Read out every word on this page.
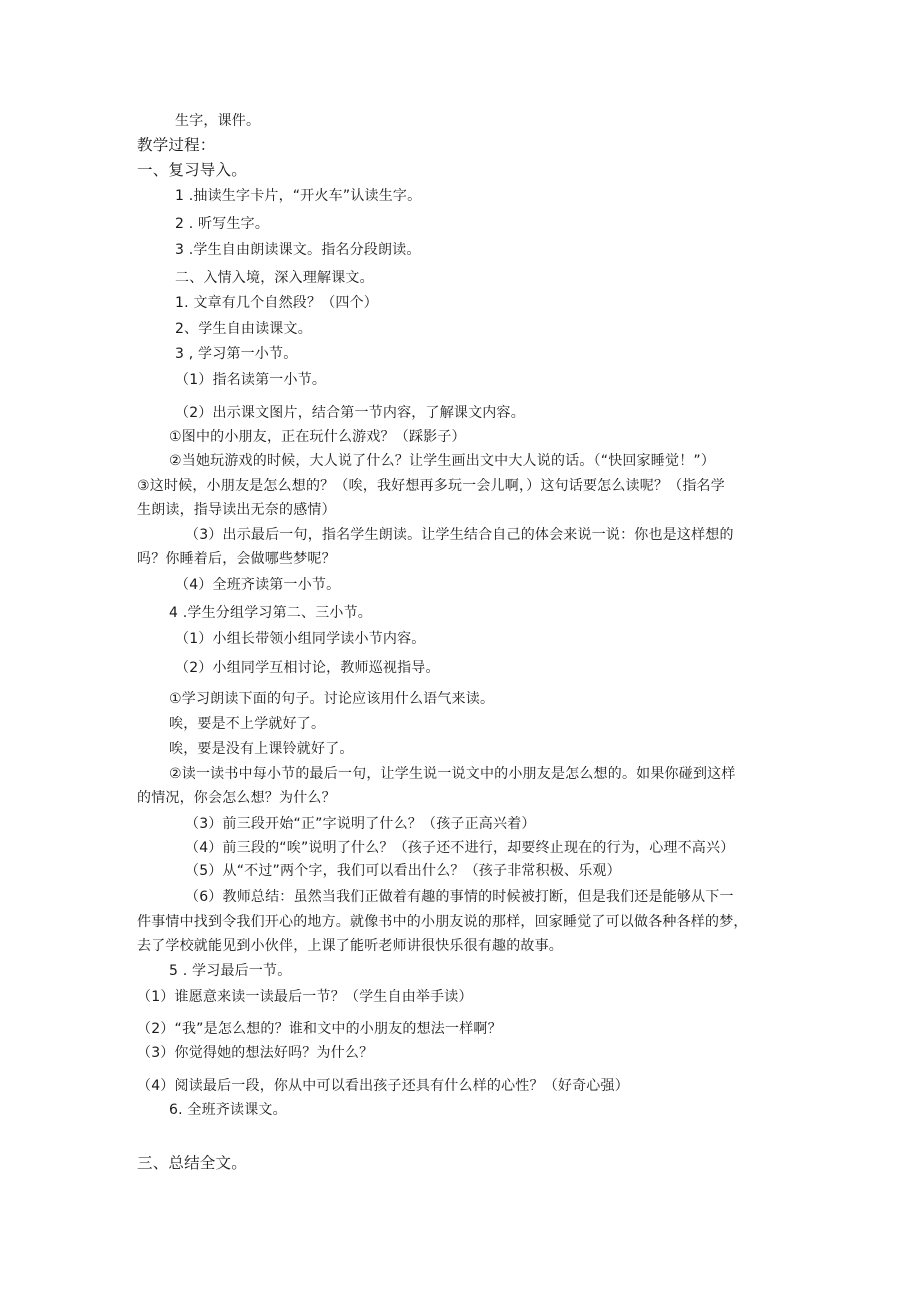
生字，课件。
教学过程：
一、复习导入。
1 .抽读生字卡片，“开火车”认读生字。
2 . 听写生字。
3 .学生自由朗读课文。指名分段朗读。
二、入情入境，深入理解课文。
1. 文章有几个自然段？（四个）
2、学生自由读课文。
3 , 学习第一小节。
（1）指名读第一小节。
（2）出示课文图片，结合第一节内容，了解课文内容。
①图中的小朋友，正在玩什么游戏？（踩影子）
②当她玩游戏的时候，大人说了什么？让学生画出文中大人说的话。（“快回家睡觉！”）
③这时候，小朋友是怎么想的？（唉，我好想再多玩一会儿啊，）这句话要怎么读呢？（指名学
生朗读，指导读出无奈的感情）
（3）出示最后一句，指名学生朗读。让学生结合自己的体会来说一说：你也是这样想的
吗？你睡着后，会做哪些梦呢？
（4）全班齐读第一小节。
4 .学生分组学习第二、三小节。
（1）小组长带领小组同学读小节内容。
（2）小组同学互相讨论，教师巡视指导。
①学习朗读下面的句子。讨论应该用什么语气来读。
唉，要是不上学就好了。
唉，要是没有上课铃就好了。
②读一读书中每小节的最后一句，让学生说一说文中的小朋友是怎么想的。如果你碰到这样
的情况，你会怎么想？为什么？
（3）前三段开始“正”字说明了什么？（孩子正高兴着）
（4）前三段的“唉”说明了什么？（孩子还不进行，却要终止现在的行为，心理不高兴）
（5）从“不过”两个字，我们可以看出什么？（孩子非常积极、乐观）
（6）教师总结：虽然当我们正做着有趣的事情的时候被打断，但是我们还是能够从下一
件事情中找到令我们开心的地方。就像书中的小朋友说的那样，回家睡觉了可以做各种各样的梦，
去了学校就能见到小伙伴，上课了能听老师讲很快乐很有趣的故事。
5 . 学习最后一节。
（1）谁愿意来读一读最后一节？（学生自由举手读）
（2）“我”是怎么想的？谁和文中的小朋友的想法一样啊？
（3）你觉得她的想法好吗？为什么？
（4）阅读最后一段，你从中可以看出孩子还具有什么样的心性？（好奇心强）
6. 全班齐读课文。
三、总结全文。
